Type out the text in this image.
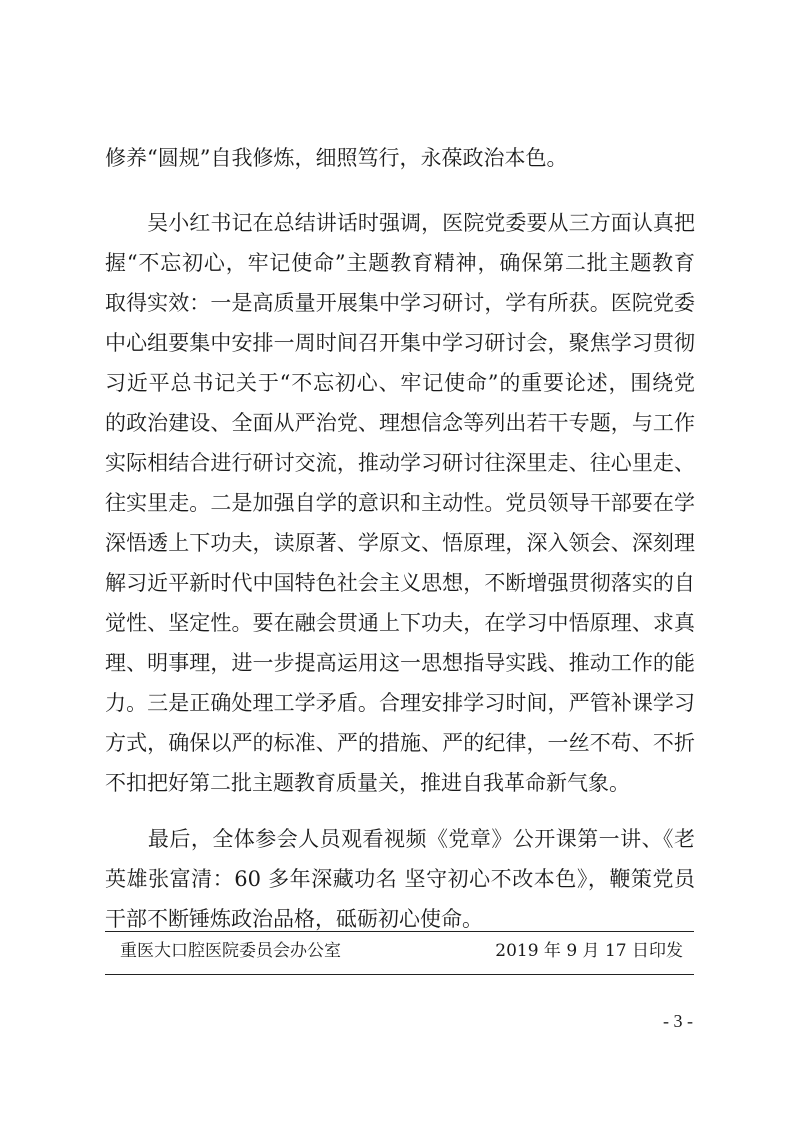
修养“圆规”自我修炼，细照笃行，永葆政治本色。
　　吴小红书记在总结讲话时强调，医院党委要从三方面认真把
握“不忘初心，牢记使命”主题教育精神，确保第二批主题教育
取得实效：一是高质量开展集中学习研讨，学有所获。医院党委
中心组要集中安排一周时间召开集中学习研讨会，聚焦学习贯彻
习近平总书记关于“不忘初心、牢记使命”的重要论述，围绕党
的政治建设、全面从严治党、理想信念等列出若干专题，与工作
实际相结合进行研讨交流，推动学习研讨往深里走、往心里走、
往实里走。二是加强自学的意识和主动性。党员领导干部要在学
深悟透上下功夫，读原著、学原文、悟原理，深入领会、深刻理
解习近平新时代中国特色社会主义思想，不断增强贯彻落实的自
觉性、坚定性。要在融会贯通上下功夫，在学习中悟原理、求真
理、明事理，进一步提高运用这一思想指导实践、推动工作的能
力。三是正确处理工学矛盾。合理安排学习时间，严管补课学习
方式，确保以严的标准、严的措施、严的纪律，一丝不苟、不折
不扣把好第二批主题教育质量关，推进自我革命新气象。
　　最后，全体参会人员观看视频《党章》公开课第一讲、《老
英雄张富清：60 多年深藏功名 坚守初心不改本色》，鞭策党员
干部不断锤炼政治品格，砥砺初心使命。
重医大口腔医院委员会办公室	2019 年 9 月 17 日印发
- 3 -
